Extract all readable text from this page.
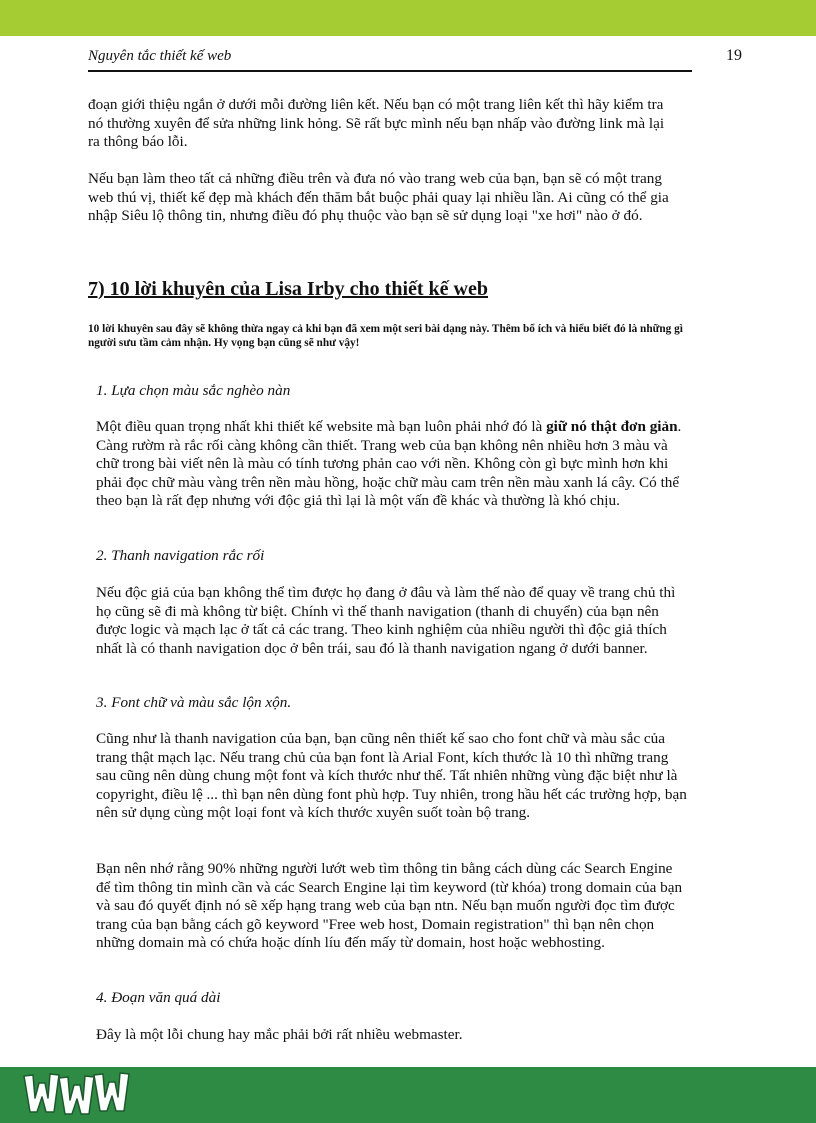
Nguyên tắc thiết kế web	19

đoạn giới thiệu ngắn ở dưới mỗi đường liên kết. Nếu bạn có một trang liên kết thì hãy kiểm tra nó thường xuyên để sửa những link hỏng. Sẽ rất bực mình nếu bạn nhấp vào đường link mà lại ra thông báo lỗi.

Nếu bạn làm theo tất cả những điều trên và đưa nó vào trang web của bạn, bạn sẽ có một trang web thú vị, thiết kế đẹp mà khách đến thăm bắt buộc phải quay lại nhiều lần. Ai cũng có thể gia nhập Siêu lộ thông tin, nhưng điều đó phụ thuộc vào bạn sẽ sử dụng loại "xe hơi" nào ở đó.

7) 10 lời khuyên của Lisa Irby cho thiết kế web

10 lời khuyên sau đây sẽ không thừa ngay cả khi bạn đã xem một seri bài dạng này. Thêm bổ ích và hiểu biết đó là những gì người sưu tầm cảm nhận. Hy vọng bạn cũng sẽ như vậy!

1. Lựa chọn màu sắc nghèo nàn

Một điều quan trọng nhất khi thiết kế website mà bạn luôn phải nhớ đó là giữ nó thật đơn giản. Càng rườm rà rắc rối càng không cần thiết. Trang web của bạn không nên nhiều hơn 3 màu và chữ trong bài viết nên là màu có tính tương phản cao với nền. Không còn gì bực mình hơn khi phải đọc chữ màu vàng trên nền màu hồng, hoặc chữ màu cam trên nền màu xanh lá cây. Có thể theo bạn là rất đẹp nhưng với độc giả thì lại là một vấn đề khác và thường là khó chịu.

2. Thanh navigation rắc rối

Nếu độc giả của bạn không thể tìm được họ đang ở đâu và làm thế nào để quay về trang chủ thì họ cũng sẽ đi mà không từ biệt. Chính vì thế thanh navigation (thanh di chuyển) của bạn nên được logic và mạch lạc ở tất cả các trang. Theo kinh nghiệm của nhiều người thì độc giả thích nhất là có thanh navigation dọc ở bên trái, sau đó là thanh navigation ngang ở dưới banner.

3. Font chữ và màu sắc lộn xộn.

Cũng như là thanh navigation của bạn, bạn cũng nên thiết kế sao cho font chữ và màu sắc của trang thật mạch lạc. Nếu trang chủ của bạn font là Arial Font, kích thước là 10 thì những trang sau cũng nên dùng chung một font và kích thước như thế. Tất nhiên những vùng đặc biệt như là copyright, điều lệ ... thì bạn nên dùng font phù hợp. Tuy nhiên, trong hầu hết các trường hợp, bạn nên sử dụng cùng một loại font và kích thước xuyên suốt toàn bộ trang.

Bạn nên nhớ rằng 90% những người lướt web tìm thông tin bằng cách dùng các Search Engine để tìm thông tin mình cần và các Search Engine lại tìm keyword (từ khóa) trong domain của bạn và sau đó quyết định nó sẽ xếp hạng trang web của bạn ntn. Nếu bạn muốn người đọc tìm được trang của bạn bằng cách gõ keyword "Free web host, Domain registration" thì bạn nên chọn những domain mà có chứa hoặc dính líu đến mấy từ domain, host hoặc webhosting.

4. Đoạn văn quá dài

Đây là một lỗi chung hay mắc phải bởi rất nhiều webmaster.
